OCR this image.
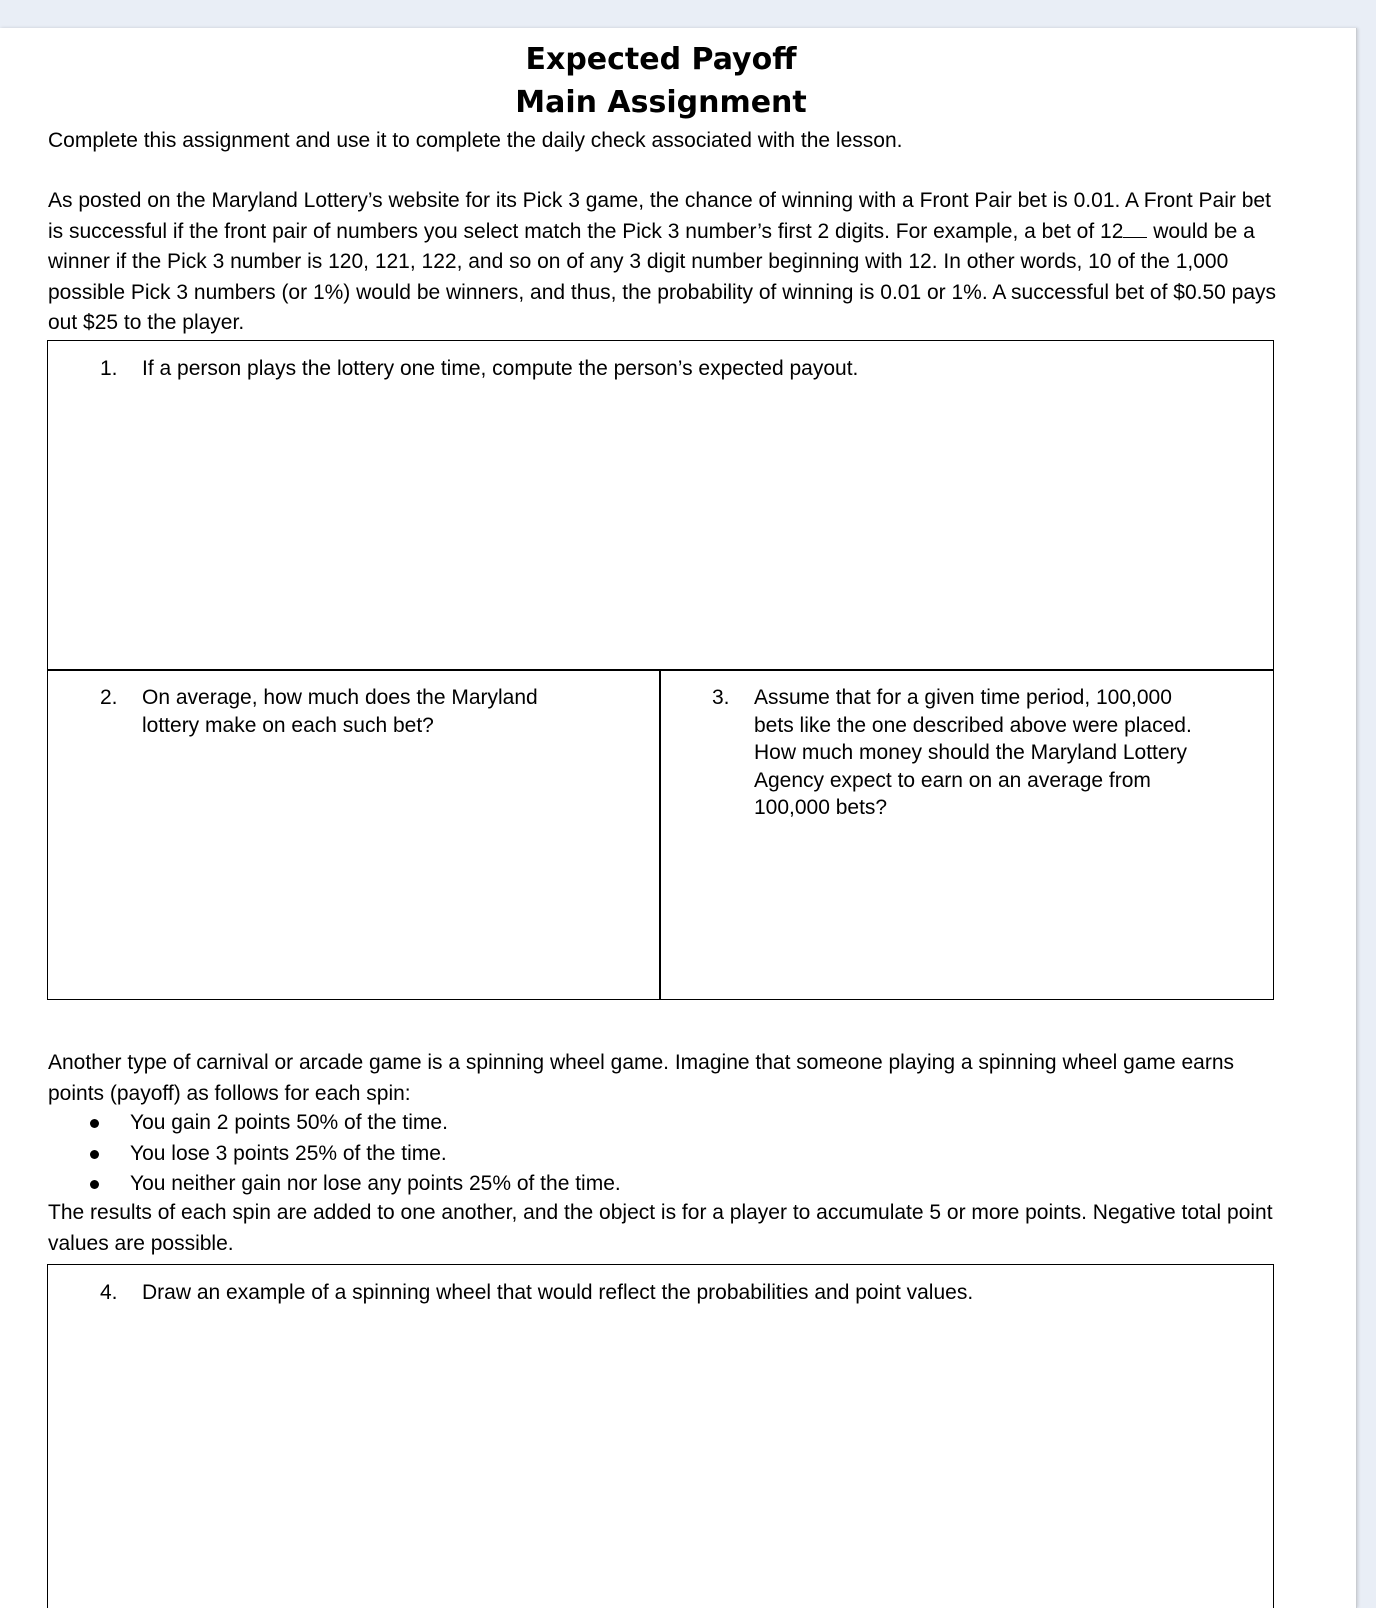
Expected Payoff
Main Assignment

Complete this assignment and use it to complete the daily check associated with the lesson.

As posted on the Maryland Lottery’s website for its Pick 3 game, the chance of winning with a Front Pair bet is 0.01. A Front Pair bet is successful if the front pair of numbers you select match the Pick 3 number’s first 2 digits. For example, a bet of 12 would be a winner if the Pick 3 number is 120, 121, 122, and so on of any 3 digit number beginning with 12. In other words, 10 of the 1,000 possible Pick 3 numbers (or 1%) would be winners, and thus, the probability of winning is 0.01 or 1%. A successful bet of $0.50 pays out $25 to the player.

1.	If a person plays the lottery one time, compute the person’s expected payout.
2.	On average, how much does the Maryland lottery make on each such bet?
3.	Assume that for a given time period, 100,000 bets like the one described above were placed. How much money should the Maryland Lottery Agency expect to earn on an average from 100,000 bets?

Another type of carnival or arcade game is a spinning wheel game. Imagine that someone playing a spinning wheel game earns points (payoff) as follows for each spin:

You gain 2 points 50% of the time.
You lose 3 points 25% of the time.
You neither gain nor lose any points 25% of the time.

The results of each spin are added to one another, and the object is for a player to accumulate 5 or more points. Negative total point values are possible.

4.	Draw an example of a spinning wheel that would reflect the probabilities and point values.
